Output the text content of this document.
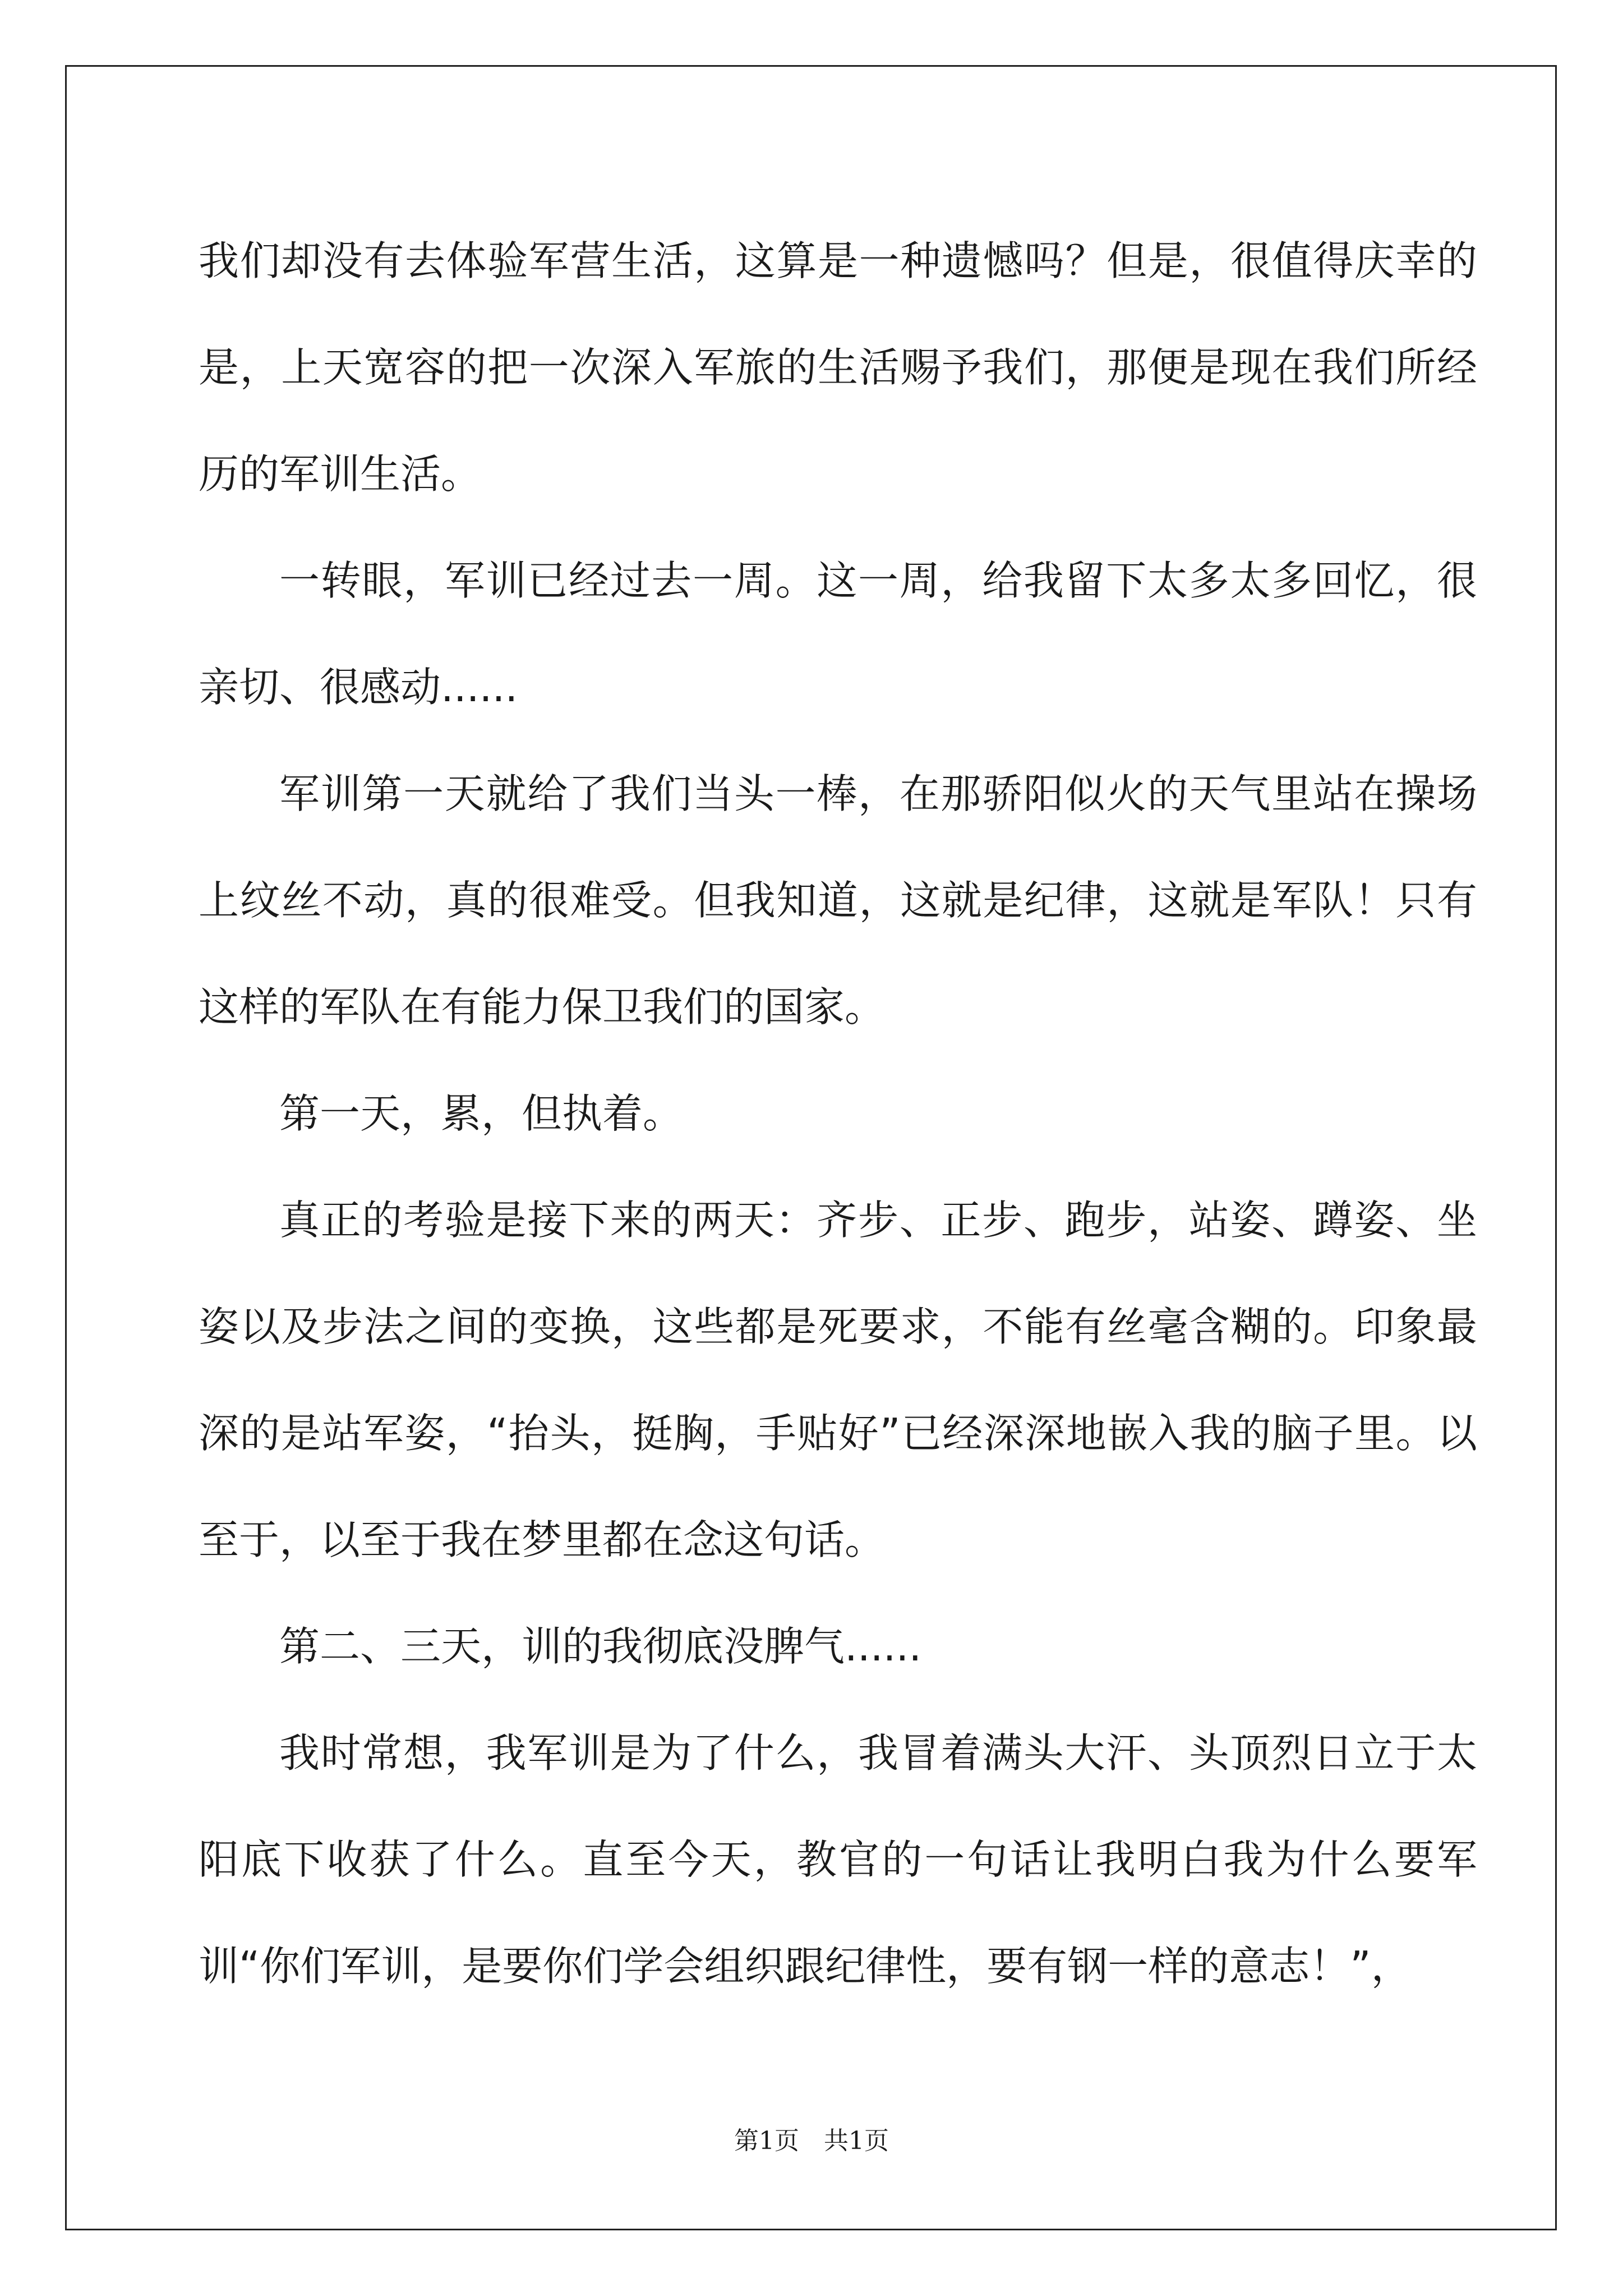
我们却没有去体验军营生活，这算是一种遗憾吗？但是，很值得庆幸的是，上天宽容的把一次深入军旅的生活赐予我们，那便是现在我们所经历的军训生活。

一转眼，军训已经过去一周。这一周，给我留下太多太多回忆，很亲切、很感动......

军训第一天就给了我们当头一棒，在那骄阳似火的天气里站在操场上纹丝不动，真的很难受。但我知道，这就是纪律，这就是军队！只有这样的军队在有能力保卫我们的国家。

第一天，累，但执着。

真正的考验是接下来的两天：齐步、正步、跑步，站姿、蹲姿、坐姿以及步法之间的变换，这些都是死要求，不能有丝毫含糊的。印象最深的是站军姿，“抬头，挺胸，手贴好”已经深深地嵌入我的脑子里。以至于，以至于我在梦里都在念这句话。

第二、三天，训的我彻底没脾气......

我时常想，我军训是为了什么，我冒着满头大汗、头顶烈日立于太阳底下收获了什么。直至今天，教官的一句话让我明白我为什么要军训“你们军训，是要你们学会组织跟纪律性，要有钢一样的意志！”，

第1页　共1页
